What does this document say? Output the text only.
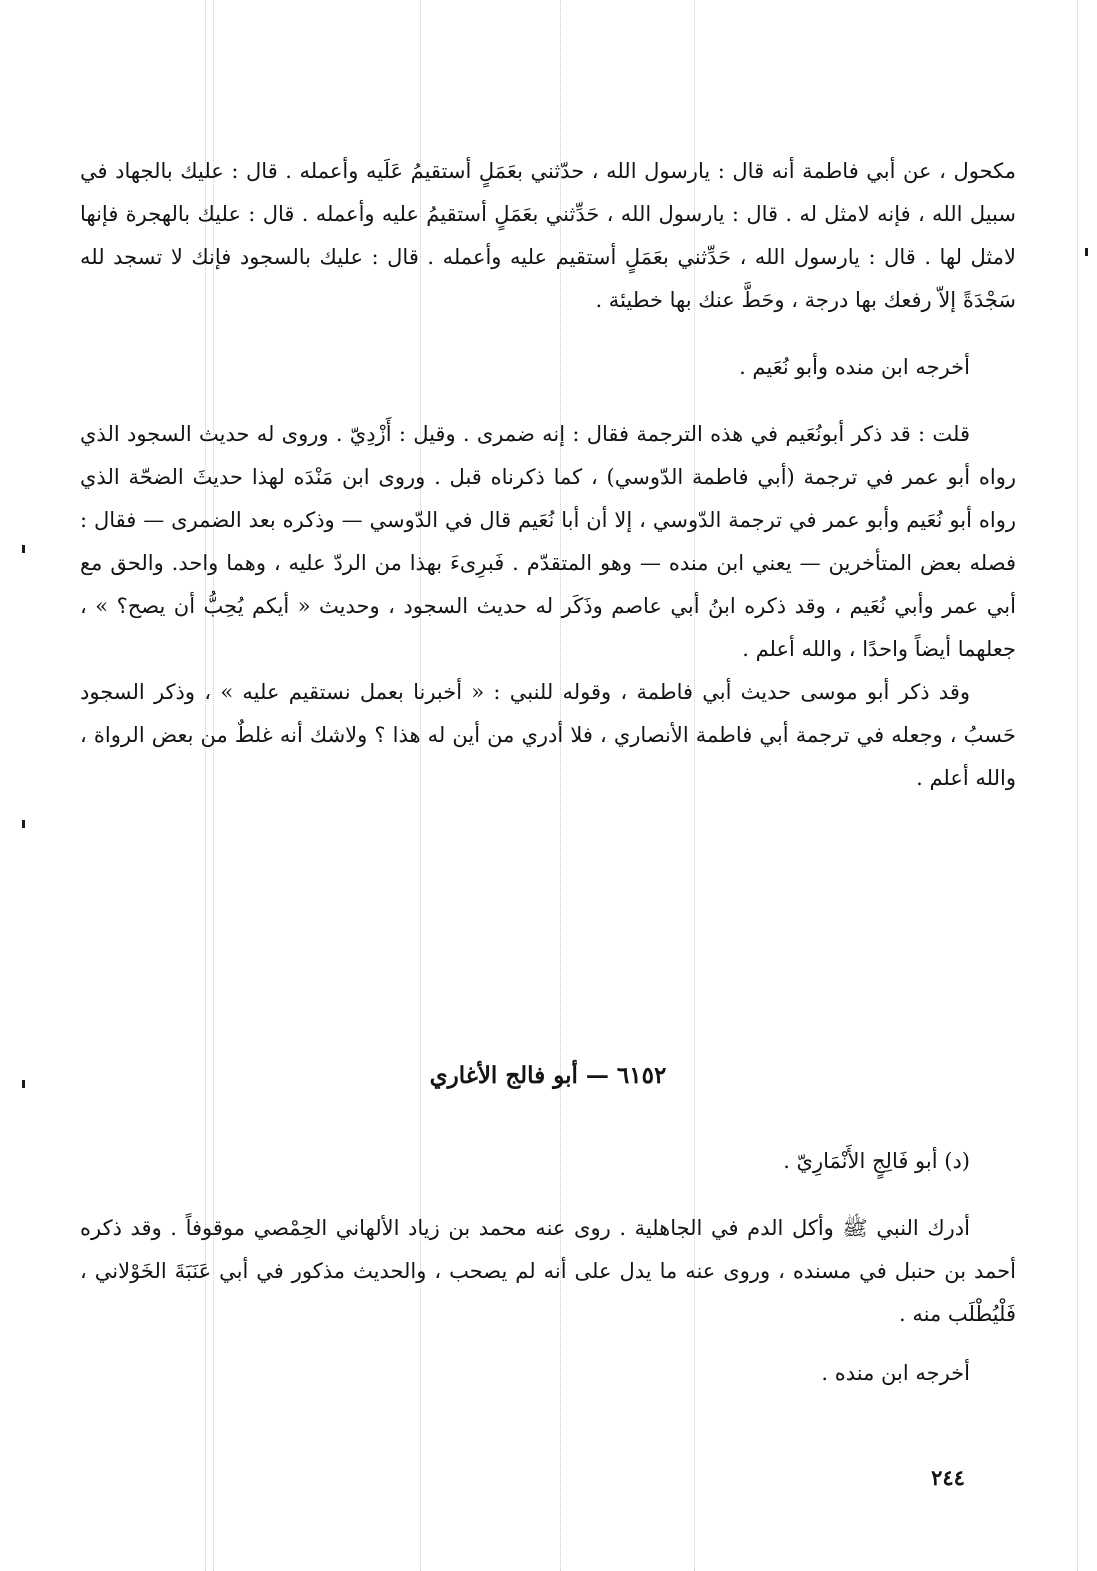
مكحول ، عن أبي فاطمة أنه قال : يارسول الله ، حدّثني بعَمَلٍ أستقيمُ عَلَيه وأعمله . قال : عليك بالجهاد في سبيل الله ، فإنه لامثل له . قال : يارسول الله ، حَدِّثني بعَمَلٍ أستقيمُ عليه وأعمله . قال : عليك بالهجرة فإنها لامثل لها . قال : يارسول الله ، حَدِّثني بعَمَلٍ أستقيم عليه وأعمله . قال : عليك بالسجود فإنك لا تسجد لله سَجْدَةً إلاّ رفعك بها درجة ، وحَطَّ عنك بها خطيئة .

أخرجه ابن منده وأبو نُعَيم .

قلت : قد ذكر أبونُعَيم في هذه الترجمة فقال : إنه ضمرى . وقيل : أَزْدِيّ . وروى له حديث السجود الذي رواه أبو عمر في ترجمة (أبي فاطمة الدّوسي) ، كما ذكرناه قبل . وروى ابن مَنْدَه لهذا حديثَ الضحّة الذي رواه أبو نُعَيم وأبو عمر في ترجمة الدّوسي ، إلا أن أبا نُعَيم قال في الدّوسي — وذكره بعد الضمرى — فقال : فصله بعض المتأخرين — يعني ابن منده — وهو المتقدّم . فَبرِىءَ بهذا من الردّ عليه ، وهما واحد. والحق مع أبي عمر وأبي نُعَيم ، وقد ذكره ابنُ أبي عاصم وذَكَر له حديث السجود ، وحديث « أيكم يُحِبُّ أن يصح؟ » ، جعلهما أيضاً واحدًا ، والله أعلم .

وقد ذكر أبو موسى حديث أبي فاطمة ، وقوله للنبي : « أخبرنا بعمل نستقيم عليه » ، وذكر السجود حَسبُ ، وجعله في ترجمة أبي فاطمة الأنصاري ، فلا أدري من أين له هذا ؟ ولاشك أنه غلطٌ من بعض الرواة ، والله أعلم .

٦١٥٢ — أبو فالج الأغاري

(د) أبو فَالِجٍ الأَنْمَارِيّ .

أدرك النبي ﷺ وأكل الدم في الجاهلية . روى عنه محمد بن زياد الألهاني الحِمْصي موقوفاً . وقد ذكره أحمد بن حنبل في مسنده ، وروى عنه ما يدل على أنه لم يصحب ، والحديث مذكور في أبي عَنَبَةَ الخَوْلاني ، فَلْيُطْلَب منه .

أخرجه ابن منده .

٢٤٤
